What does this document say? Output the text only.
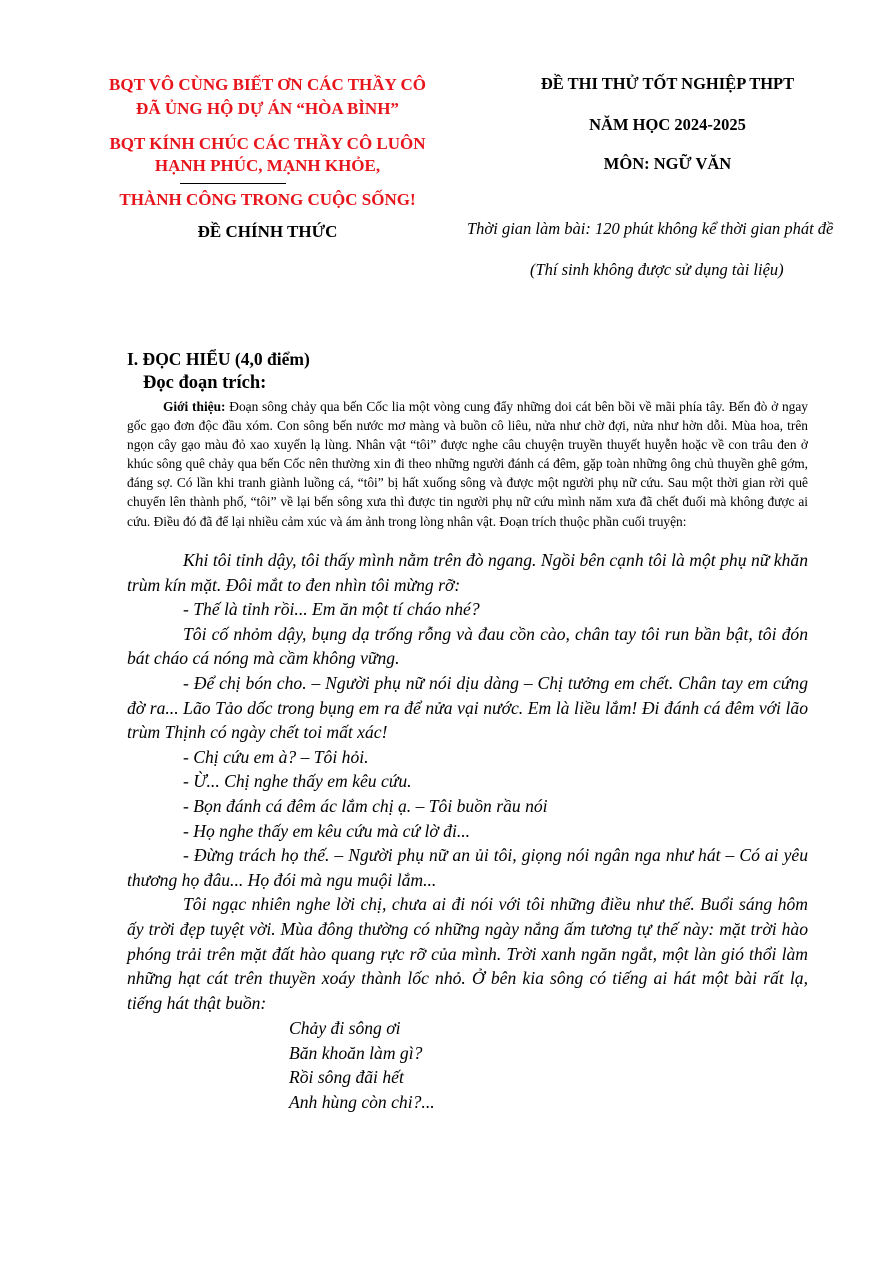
BQT VÔ CÙNG BIẾT ƠN CÁC THẦY CÔ
ĐÃ ỦNG HỘ DỰ ÁN “HÒA BÌNH”
BQT KÍNH CHÚC CÁC THẦY CÔ LUÔN
HẠNH PHÚC, MẠNH KHỎE,
THÀNH CÔNG TRONG CUỘC SỐNG!
ĐỀ CHÍNH THỨC
ĐỀ THI THỬ TỐT NGHIỆP THPT
NĂM HỌC 2024-2025
MÔN: NGỮ VĂN
Thời gian làm bài: 120 phút không kể thời gian phát đề
(Thí sinh không được sử dụng tài liệu)
I. ĐỌC HIỂU (4,0 điểm)
Đọc đoạn trích:
Giới thiệu: Đoạn sông chảy qua bến Cốc lia một vòng cung đẩy những doi cát bên bồi về mãi phía tây. Bến đò ở ngay gốc gạo đơn độc đầu xóm. Con sông bến nước mơ màng và buồn cô liêu, nửa như chờ đợi, nửa như hờn dỗi. Mùa hoa, trên ngọn cây gạo màu đỏ xao xuyến lạ lùng. Nhân vật “tôi” được nghe câu chuyện truyền thuyết huyễn hoặc về con trâu đen ở khúc sông quê chảy qua bến Cốc nên thường xin đi theo những người đánh cá đêm, gặp toàn những ông chủ thuyền ghê gớm, đáng sợ. Có lần khi tranh giành luồng cá, “tôi” bị hất xuống sông và được một người phụ nữ cứu. Sau một thời gian rời quê chuyển lên thành phố, “tôi” về lại bến sông xưa thì được tin người phụ nữ cứu mình năm xưa đã chết đuối mà không được ai cứu. Điều đó đã để lại nhiều cảm xúc và ám ảnh trong lòng nhân vật. Đoạn trích thuộc phần cuối truyện:

Khi tôi tỉnh dậy, tôi thấy mình nằm trên đò ngang. Ngồi bên cạnh tôi là một phụ nữ khăn trùm kín mặt. Đôi mắt to đen nhìn tôi mừng rỡ:

- Thế là tỉnh rồi... Em ăn một tí cháo nhé?

Tôi cố nhỏm dậy, bụng dạ trống rỗng và đau cồn cào, chân tay tôi run bần bật, tôi đón bát cháo cá nóng mà cầm không vững.

- Để chị bón cho. – Người phụ nữ nói dịu dàng – Chị tưởng em chết. Chân tay em cứng đờ ra... Lão Tảo dốc trong bụng em ra để nửa vại nước. Em là liều lắm! Đi đánh cá đêm với lão trùm Thịnh có ngày chết toi mất xác!

- Chị cứu em à? – Tôi hỏi.

- Ừ... Chị nghe thấy em kêu cứu.

- Bọn đánh cá đêm ác lắm chị ạ. – Tôi buồn rầu nói

- Họ nghe thấy em kêu cứu mà cứ lờ đi...

- Đừng trách họ thế. – Người phụ nữ an ủi tôi, giọng nói ngân nga như hát – Có ai yêu thương họ đâu... Họ đói mà ngu muội lắm...

Tôi ngạc nhiên nghe lời chị, chưa ai đi nói với tôi những điều như thế. Buổi sáng hôm ấy trời đẹp tuyệt vời. Mùa đông thường có những ngày nắng ấm tương tự thế này: mặt trời hào phóng trải trên mặt đất hào quang rực rỡ của mình. Trời xanh ngăn ngắt, một làn gió thổi làm những hạt cát trên thuyền xoáy thành lốc nhỏ. Ở bên kia sông có tiếng ai hát một bài rất lạ, tiếng hát thật buồn:

Chảy đi sông ơi
Băn khoăn làm gì?
Rồi sông đãi hết
Anh hùng còn chi?...
